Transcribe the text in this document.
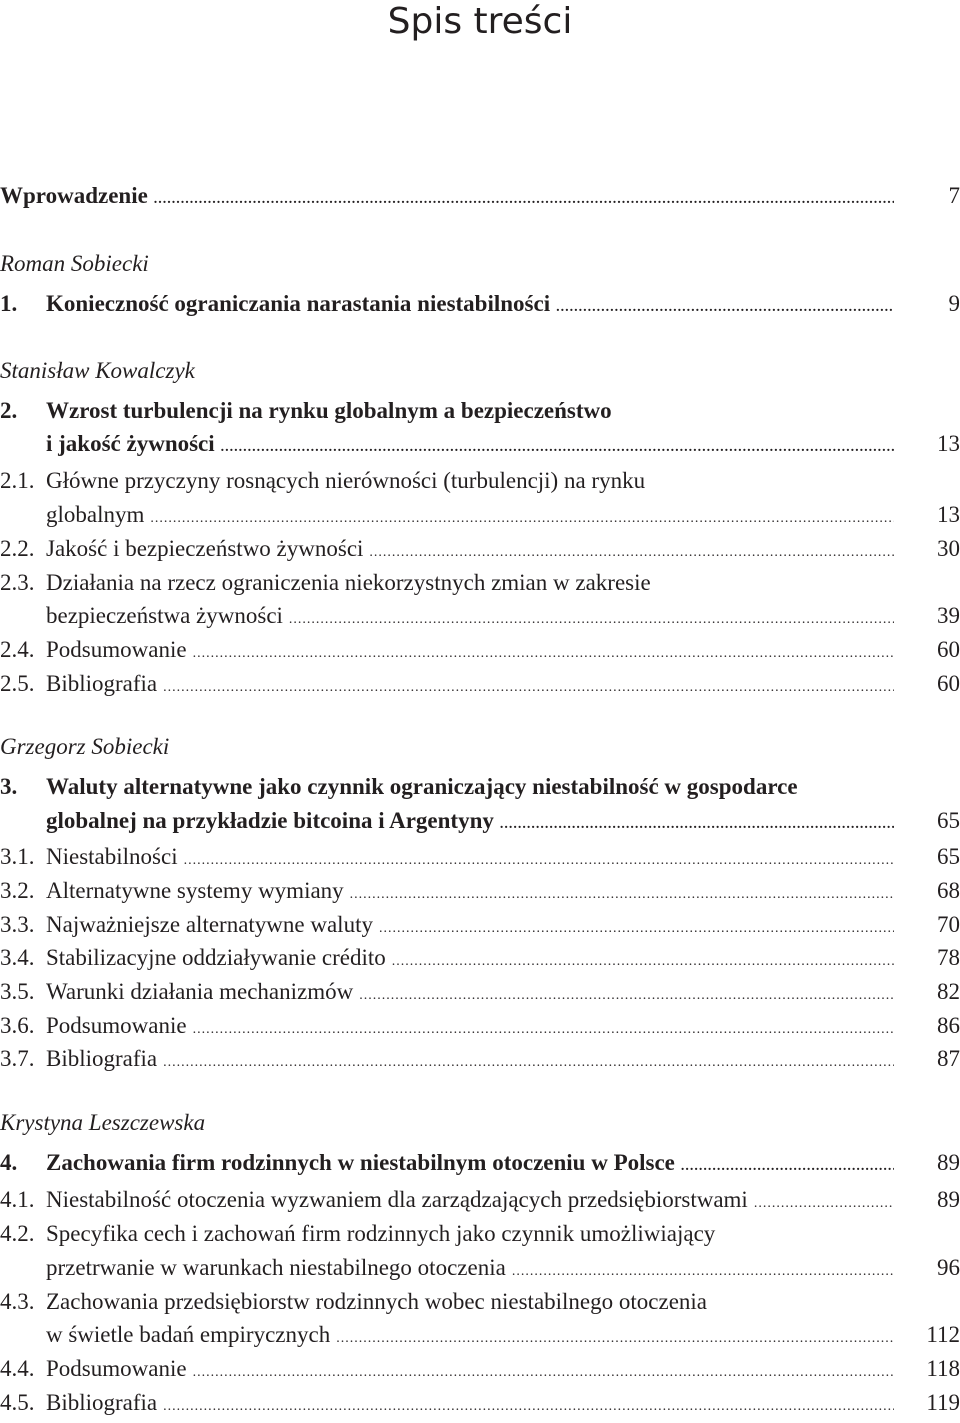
Spis treści
Wprowadzenie .....	7
Roman Sobiecki
1. Konieczność ograniczania narastania niestabilności .....	9
Stanisław Kowalczyk
2. Wzrost turbulencji na rynku globalnym a bezpieczeństwo
i jakość żywności .....	13
2.1. Główne przyczyny rosnących nierówności (turbulencji) na rynku
globalnym .....	13
2.2. Jakość i bezpieczeństwo żywności .....	30
2.3. Działania na rzecz ograniczenia niekorzystnych zmian w zakresie
bezpieczeństwa żywności .....	39
2.4. Podsumowanie .....	60
2.5. Bibliografia .....	60
Grzegorz Sobiecki
3. Waluty alternatywne jako czynnik ograniczający niestabilność w gospodarce
globalnej na przykładzie bitcoina i Argentyny .....	65
3.1. Niestabilności .....	65
3.2. Alternatywne systemy wymiany .....	68
3.3. Najważniejsze alternatywne waluty .....	70
3.4. Stabilizacyjne oddziaływanie crédito .....	78
3.5. Warunki działania mechanizmów .....	82
3.6. Podsumowanie .....	86
3.7. Bibliografia .....	87
Krystyna Leszczewska
4. Zachowania firm rodzinnych w niestabilnym otoczeniu w Polsce .....	89
4.1. Niestabilność otoczenia wyzwaniem dla zarządzających przedsiębiorstwami .....	89
4.2. Specyfika cech i zachowań firm rodzinnych jako czynnik umożliwiający
przetrwanie w warunkach niestabilnego otoczenia .....	96
4.3. Zachowania przedsiębiorstw rodzinnych wobec niestabilnego otoczenia
w świetle badań empirycznych .....	112
4.4. Podsumowanie .....	118
4.5. Bibliografia .....	119
